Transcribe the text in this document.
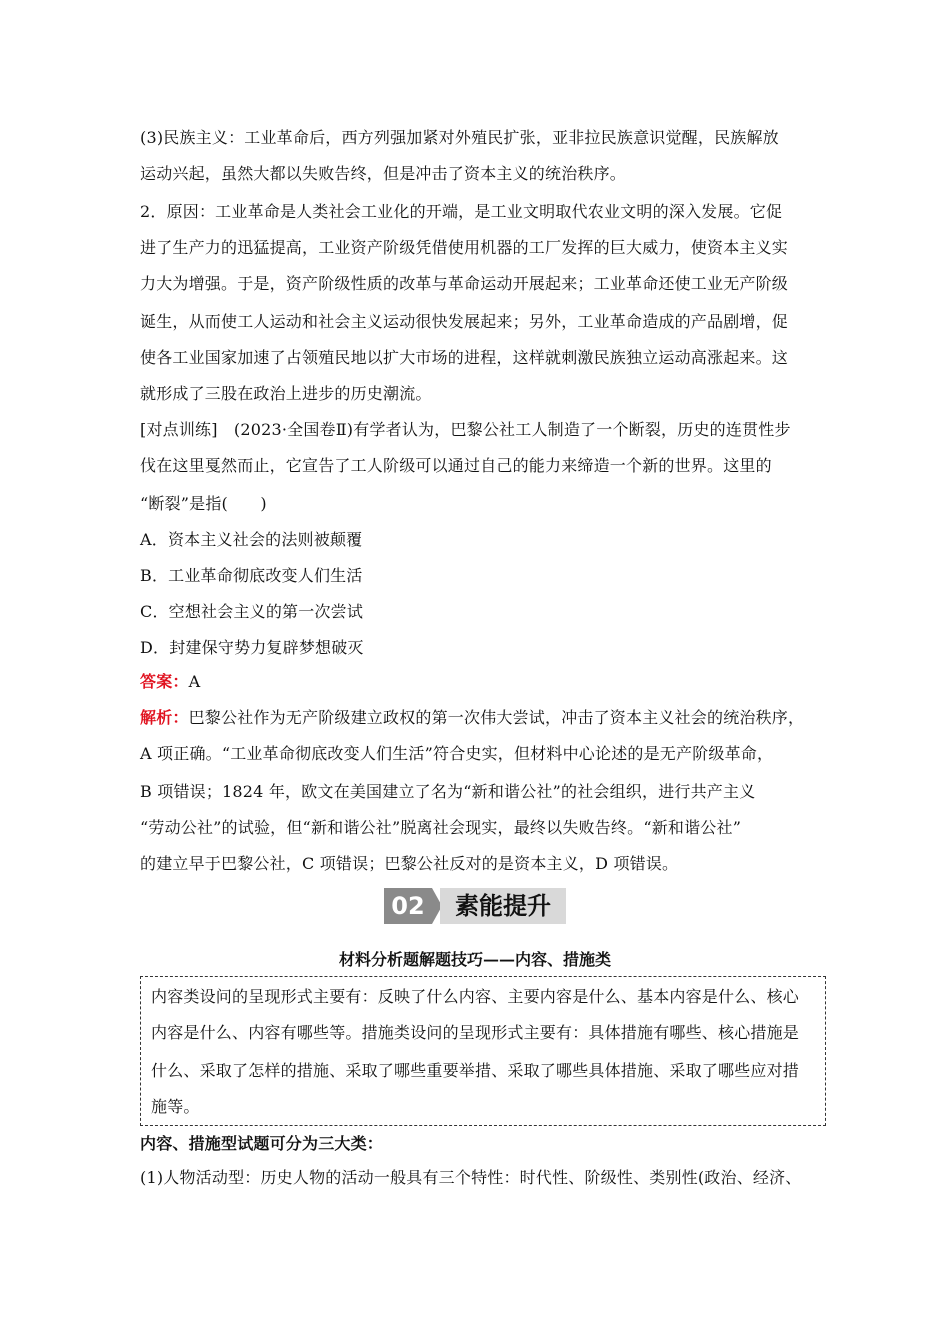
(3)民族主义：工业革命后，西方列强加紧对外殖民扩张，亚非拉民族意识觉醒，民族解放
运动兴起，虽然大都以失败告终，但是冲击了资本主义的统治秩序。
2．原因：工业革命是人类社会工业化的开端，是工业文明取代农业文明的深入发展。它促
进了生产力的迅猛提高，工业资产阶级凭借使用机器的工厂发挥的巨大威力，使资本主义实
力大为增强。于是，资产阶级性质的改革与革命运动开展起来；工业革命还使工业无产阶级
诞生，从而使工人运动和社会主义运动很快发展起来；另外，工业革命造成的产品剧增，促
使各工业国家加速了占领殖民地以扩大市场的进程，这样就刺激民族独立运动高涨起来。这
就形成了三股在政治上进步的历史潮流。
[对点训练]　(2023·全国卷Ⅱ)有学者认为，巴黎公社工人制造了一个断裂，历史的连贯性步
伐在这里戛然而止，它宣告了工人阶级可以通过自己的能力来缔造一个新的世界。这里的
“断裂”是指(　　)
A．资本主义社会的法则被颠覆
B．工业革命彻底改变人们生活
C．空想社会主义的第一次尝试
D．封建保守势力复辟梦想破灭
答案：A
解析：巴黎公社作为无产阶级建立政权的第一次伟大尝试，冲击了资本主义社会的统治秩序，
A 项正确。“工业革命彻底改变人们生活”符合史实，但材料中心论述的是无产阶级革命，
B 项错误；1824 年，欧文在美国建立了名为“新和谐公社”的社会组织，进行共产主义
“劳动公社”的试验，但“新和谐公社”脱离社会现实，最终以失败告终。“新和谐公社”
的建立早于巴黎公社，C 项错误；巴黎公社反对的是资本主义，D 项错误。
02	素能提升
材料分析题解题技巧——内容、措施类
内容类设问的呈现形式主要有：反映了什么内容、主要内容是什么、基本内容是什么、核心
内容是什么、内容有哪些等。措施类设问的呈现形式主要有：具体措施有哪些、核心措施是
什么、采取了怎样的措施、采取了哪些重要举措、采取了哪些具体措施、采取了哪些应对措
施等。
内容、措施型试题可分为三大类：
(1)人物活动型：历史人物的活动一般具有三个特性：时代性、阶级性、类别性(政治、经济、
